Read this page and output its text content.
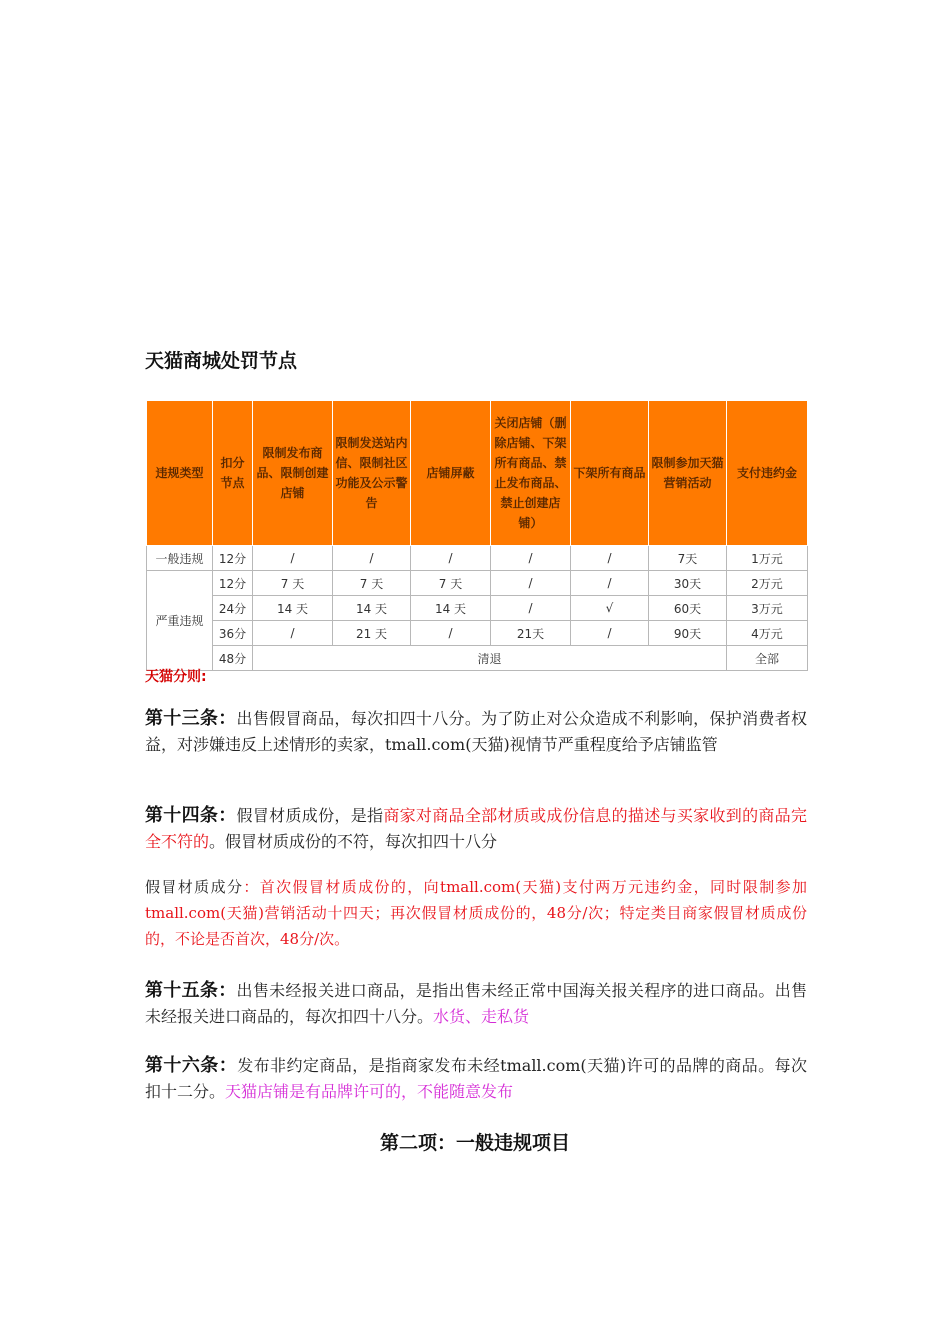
天猫商城处罚节点
违规类型	扣分节点	限制发布商品、限制创建店铺	限制发送站内信、限制社区功能及公示警告	店铺屏蔽	关闭店铺（删除店铺、下架所有商品、禁止发布商品、禁止创建店铺）	下架所有商品	限制参加天猫营销活动	支付违约金

一般违规	12分	/	/	/	/	/	7天	1万元
严重违规	12分	7 天	7 天	7 天	/	/	30天	2万元
	24分	14 天	14 天	14 天	/	√	60天	3万元
	36分	/	21 天	/	21天	/	90天	4万元
	48分	清退						全部
天猫分则:
第十三条：出售假冒商品，每次扣四十八分。为了防止对公众造成不利影响，保护消费者权益，对涉嫌违反上述情形的卖家，tmall.com(天猫)视情节严重程度给予店铺监管
第十四条：假冒材质成份，是指商家对商品全部材质或成份信息的描述与买家收到的商品完全不符的。假冒材质成份的不符，每次扣四十八分
假冒材质成分：首次假冒材质成份的，向tmall.com(天猫)支付两万元违约金，同时限制参加tmall.com(天猫)营销活动十四天；再次假冒材质成份的，48分/次；特定类目商家假冒材质成份的，不论是否首次，48分/次。
第十五条：出售未经报关进口商品，是指出售未经正常中国海关报关程序的进口商品。出售未经报关进口商品的，每次扣四十八分。水货、走私货
第十六条：发布非约定商品，是指商家发布未经tmall.com(天猫)许可的品牌的商品。每次扣十二分。天猫店铺是有品牌许可的，不能随意发布
第二项：一般违规项目
